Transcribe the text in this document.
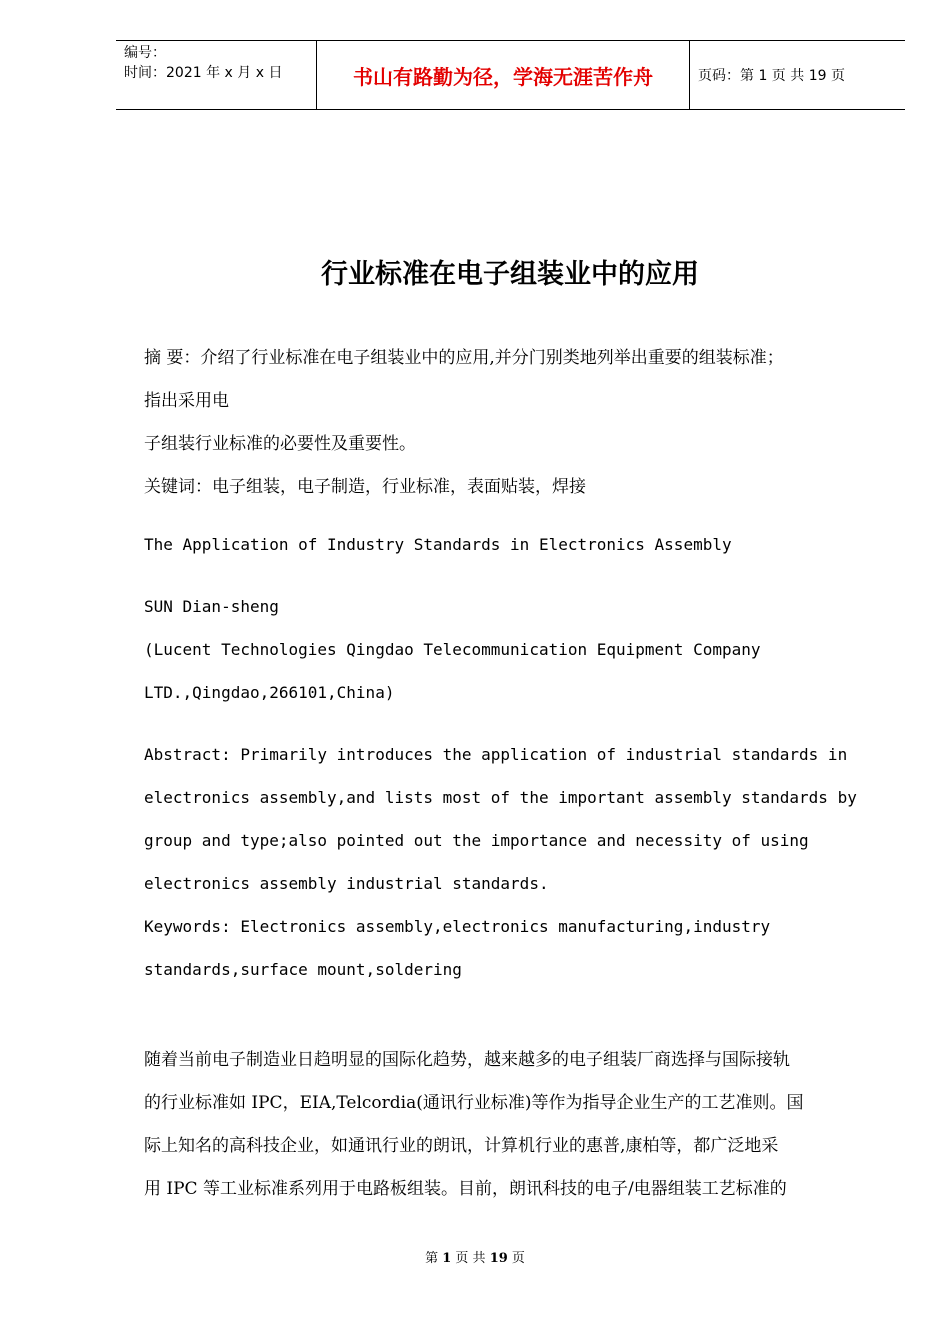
编号：
时间：2021 年 x 月 x 日	书山有路勤为径，学海无涯苦作舟	页码：第 1 页 共 19 页
行业标准在电子组装业中的应用
摘 要：介绍了行业标准在电子组装业中的应用,并分门别类地列举出重要的组装标准；
指出采用电
子组装行业标准的必要性及重要性。
关键词：电子组装，电子制造，行业标准，表面贴装，焊接
The Application of Industry Standards in Electronics Assembly
SUN Dian-sheng
(Lucent Technologies Qingdao Telecommunication Equipment Company
LTD.,Qingdao,266101,China)
Abstract: Primarily introduces the application of industrial standards in
electronics assembly,and lists most of the important assembly standards by
group and type;also pointed out the importance and necessity of using
electronics assembly industrial standards.
Keywords: Electronics assembly,electronics manufacturing,industry
standards,surface mount,soldering
随着当前电子制造业日趋明显的国际化趋势，越来越多的电子组装厂商选择与国际接轨
的行业标准如 IPC，EIA,Telcordia(通讯行业标准)等作为指导企业生产的工艺准则。国
际上知名的高科技企业，如通讯行业的朗讯，计算机行业的惠普,康柏等，都广泛地采
用 IPC 等工业标准系列用于电路板组装。目前，朗讯科技的电子/电器组装工艺标准的
第 1 页 共 19 页
